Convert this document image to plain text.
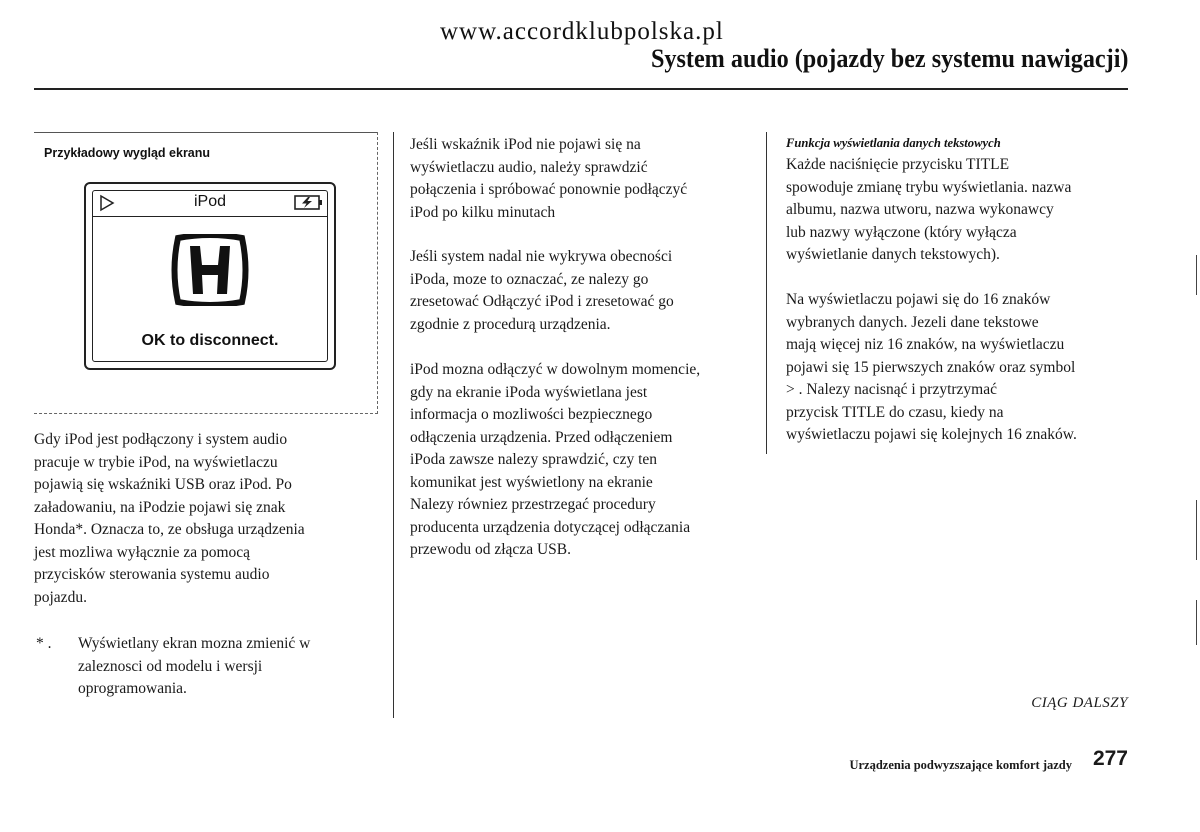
www.accordklubpolska.pl
System audio (pojazdy bez systemu nawigacji)
Przykładowy wygląd ekranu
iPod
OK to disconnect.

Gdy iPod jest podłączony i system audio

pracuje w trybie iPod, na wyświetlaczu

pojawią się wskaźniki USB oraz iPod. Po

załadowaniu, na iPodzie pojawi się znak

Honda*. Oznacza to, ze obsługa urządzenia

jest mozliwa wyłącznie za pomocą

przycisków sterowania systemu audio

pojazdu.

* . Wyświetlany ekran mozna zmienić w

zaleznosci od modelu i wersji

oprogramowania.

Jeśli wskaźnik iPod nie pojawi się na

wyświetlaczu audio, należy sprawdzić

połączenia i spróbować ponownie podłączyć

iPod po kilku minutach

Jeśli system nadal nie wykrywa obecności

iPoda, moze to oznaczać, ze nalezy go

zresetować Odłączyć iPod i zresetować go

zgodnie z procedurą urządzenia.

iPod mozna odłączyć w dowolnym momencie,

gdy na ekranie iPoda wyświetlana jest

informacja o mozliwości bezpiecznego

odłączenia urządzenia. Przed odłączeniem

iPoda zawsze nalezy sprawdzić, czy ten

komunikat jest wyświetlony na ekranie

Nalezy równiez przestrzegać procedury

producenta urządzenia dotyczącej odłączania

przewodu od złącza USB.

Funkcja wyświetlania danych tekstowych

Każde naciśnięcie przycisku TITLE

spowoduje zmianę trybu wyświetlania. nazwa

albumu, nazwa utworu, nazwa wykonawcy

lub nazwy wyłączone (który wyłącza

wyświetlanie danych tekstowych).

Na wyświetlaczu pojawi się do 16 znaków

wybranych danych. Jezeli dane tekstowe

mają więcej niz 16 znaków, na wyświetlaczu

pojawi się 15 pierwszych znaków oraz symbol

> . Nalezy nacisnąć i przytrzymać

przycisk TITLE do czasu, kiedy na

wyświetlaczu pojawi się kolejnych 16 znaków.

CIĄG DALSZY
Urządzenia podwyzszające komfort jazdy 277
